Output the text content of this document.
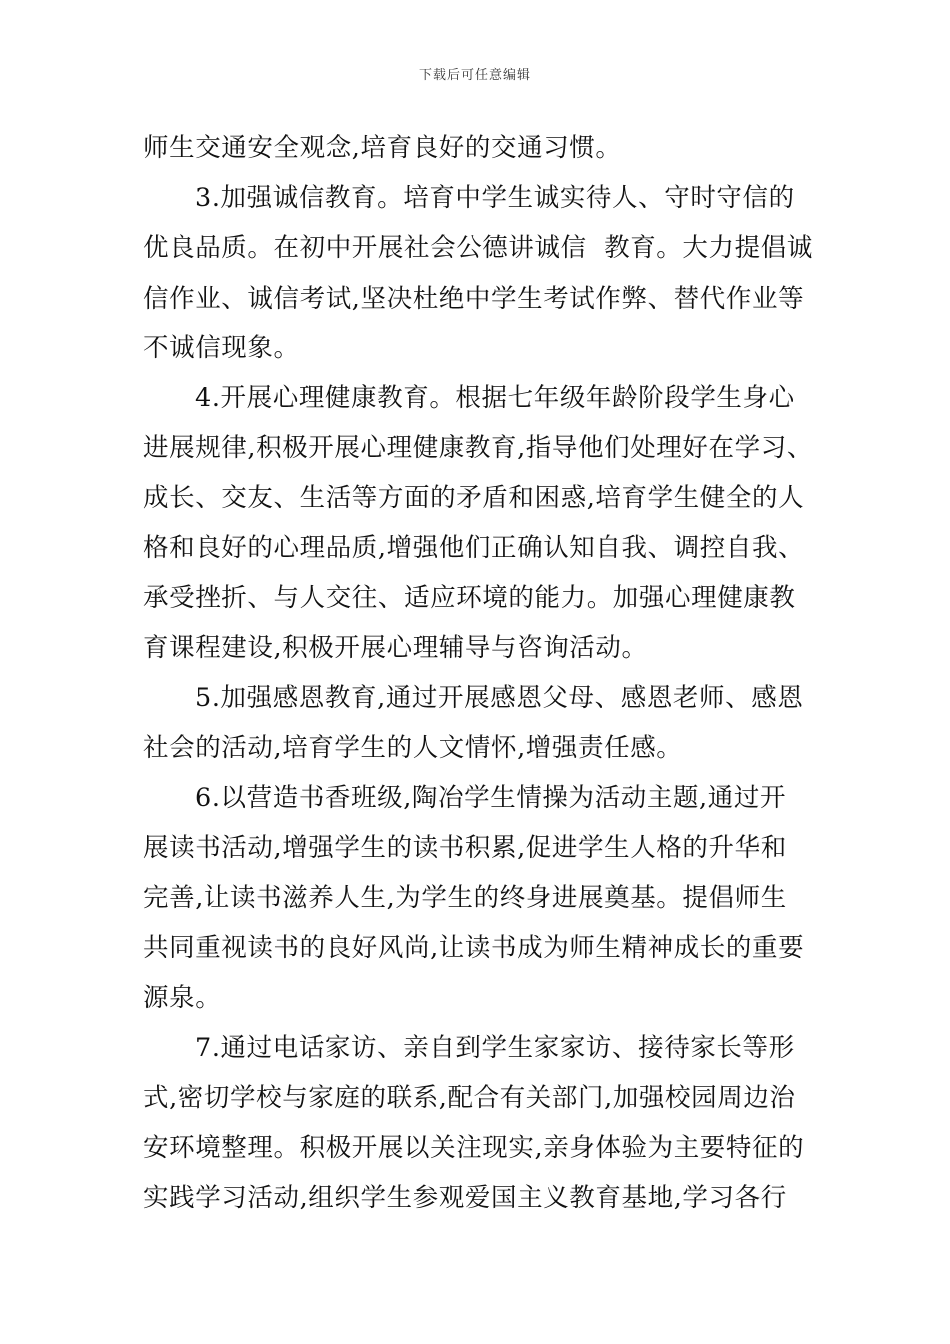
下载后可任意编辑
师生交通安全观念,培育良好的交通习惯。
3.加强诚信教育。培育中学生诚实待人、守时守信的
优良品质。在初中开展社会公德讲诚信  教育。大力提倡诚
信作业、诚信考试,坚决杜绝中学生考试作弊、替代作业等
不诚信现象。
4.开展心理健康教育。根据七年级年龄阶段学生身心
进展规律,积极开展心理健康教育,指导他们处理好在学习、
成长、交友、生活等方面的矛盾和困惑,培育学生健全的人
格和良好的心理品质,增强他们正确认知自我、调控自我、
承受挫折、与人交往、适应环境的能力。加强心理健康教
育课程建设,积极开展心理辅导与咨询活动。
5.加强感恩教育,通过开展感恩父母、感恩老师、感恩
社会的活动,培育学生的人文情怀,增强责任感。
6.以营造书香班级,陶冶学生情操为活动主题,通过开
展读书活动,增强学生的读书积累,促进学生人格的升华和
完善,让读书滋养人生,为学生的终身进展奠基。提倡师生
共同重视读书的良好风尚,让读书成为师生精神成长的重要
源泉。
7.通过电话家访、亲自到学生家家访、接待家长等形
式,密切学校与家庭的联系,配合有关部门,加强校园周边治
安环境整理。积极开展以关注现实,亲身体验为主要特征的
实践学习活动,组织学生参观爱国主义教育基地,学习各行
